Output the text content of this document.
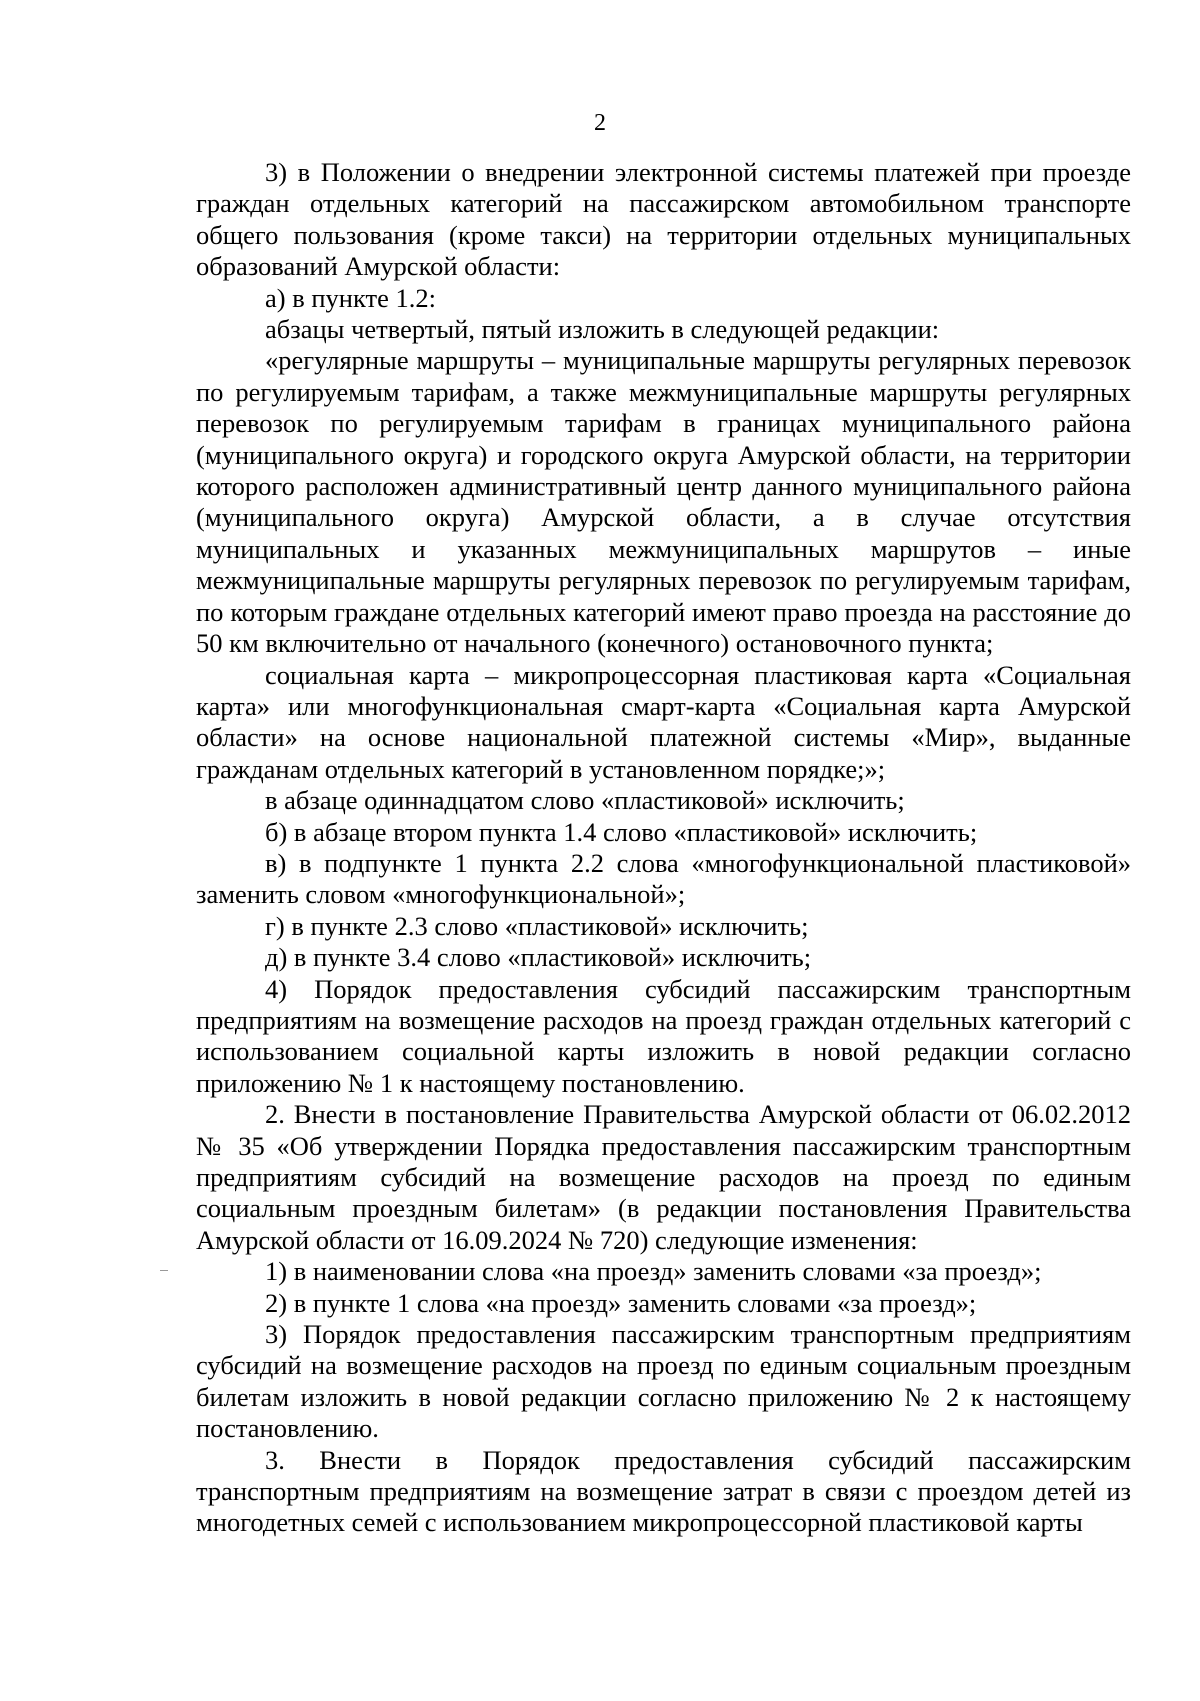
2

3) в Положении о внедрении электронной системы платежей при проезде граждан отдельных категорий на пассажирском автомобильном транспорте общего пользования (кроме такси) на территории отдельных муниципальных образований Амурской области:

а) в пункте 1.2:

абзацы четвертый, пятый изложить в следующей редакции:

«регулярные маршруты – муниципальные маршруты регулярных перевозок по регулируемым тарифам, а также межмуниципальные маршруты регулярных перевозок по регулируемым тарифам в границах муниципального района (муниципального округа) и городского округа Амурской области, на территории которого расположен административный центр данного муниципального района (муниципального округа) Амурской области, а в случае отсутствия муниципальных и указанных межмуниципальных маршрутов – иные межмуниципальные маршруты регулярных перевозок по регулируемым тарифам, по которым граждане отдельных категорий имеют право проезда на расстояние до 50 км включительно от начального (конечного) остановочного пункта;

социальная карта – микропроцессорная пластиковая карта «Социальная карта» или многофункциональная смарт-карта «Социальная карта Амурской области» на основе национальной платежной системы «Мир», выданные гражданам отдельных категорий в установленном порядке;»;

в абзаце одиннадцатом слово «пластиковой» исключить;

б) в абзаце втором пункта 1.4 слово «пластиковой» исключить;

в) в подпункте 1 пункта 2.2 слова «многофункциональной пластиковой» заменить словом «многофункциональной»;

г) в пункте 2.3 слово «пластиковой» исключить;

д) в пункте 3.4 слово «пластиковой» исключить;

4) Порядок предоставления субсидий пассажирским транспортным предприятиям на возмещение расходов на проезд граждан отдельных категорий с использованием социальной карты изложить в новой редакции согласно приложению № 1 к настоящему постановлению.

2. Внести в постановление Правительства Амурской области от 06.02.2012 № 35 «Об утверждении Порядка предоставления пассажирским транспортным предприятиям субсидий на возмещение расходов на проезд по единым социальным проездным билетам» (в редакции постановления Правительства Амурской области от 16.09.2024 № 720) следующие изменения:

1) в наименовании слова «на проезд» заменить словами «за проезд»;

2) в пункте 1 слова «на проезд» заменить словами «за проезд»;

3) Порядок предоставления пассажирским транспортным предприятиям субсидий на возмещение расходов на проезд по единым социальным проездным билетам изложить в новой редакции согласно приложению № 2 к настоящему постановлению.

3. Внести в Порядок предоставления субсидий пассажирским транспортным предприятиям на возмещение затрат в связи с проездом детей из многодетных семей с использованием микропроцессорной пластиковой карты
